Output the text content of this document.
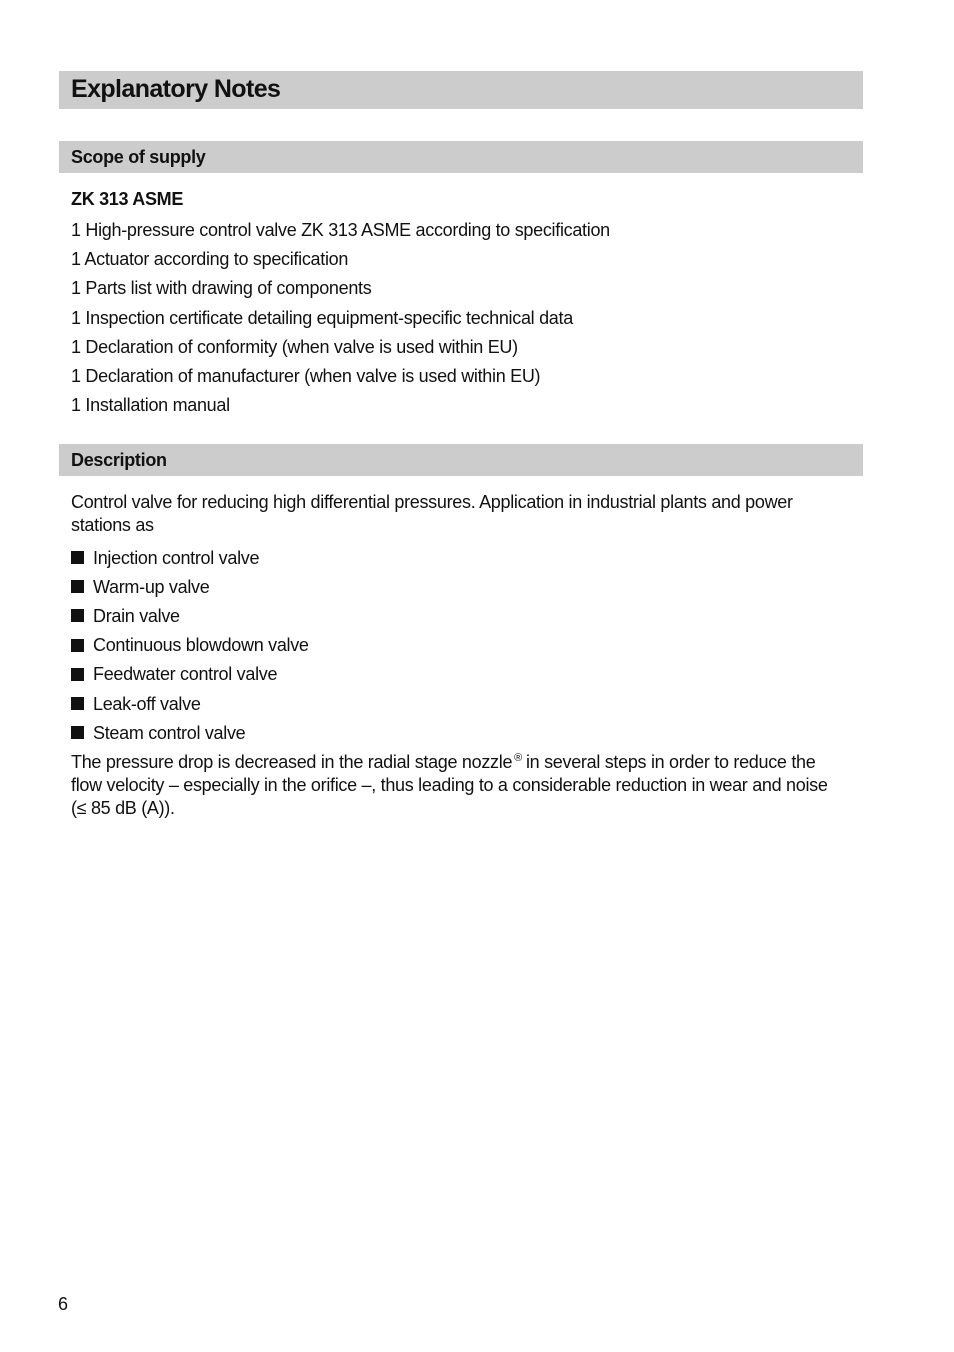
Explanatory Notes
Scope of supply

ZK 313 ASME

1 High-pressure control valve ZK 313 ASME according to specification
1 Actuator according to specification
1 Parts list with drawing of components
1 Inspection certificate detailing equipment-specific technical data
1 Declaration of conformity (when valve is used within EU)
1 Declaration of manufacturer (when valve is used within EU)
1 Installation manual
Description

Control valve for reducing high differential pressures. Application in industrial plants and power stations as

Injection control valve
Warm-up valve
Drain valve
Continuous blowdown valve
Feedwater control valve
Leak-off valve
Steam control valve

The pressure drop is decreased in the radial stage nozzle ® in several steps in order to reduce the flow velocity – especially in the orifice –, thus leading to a considerable reduction in wear and noise (≤ 85 dB (A)).

6
